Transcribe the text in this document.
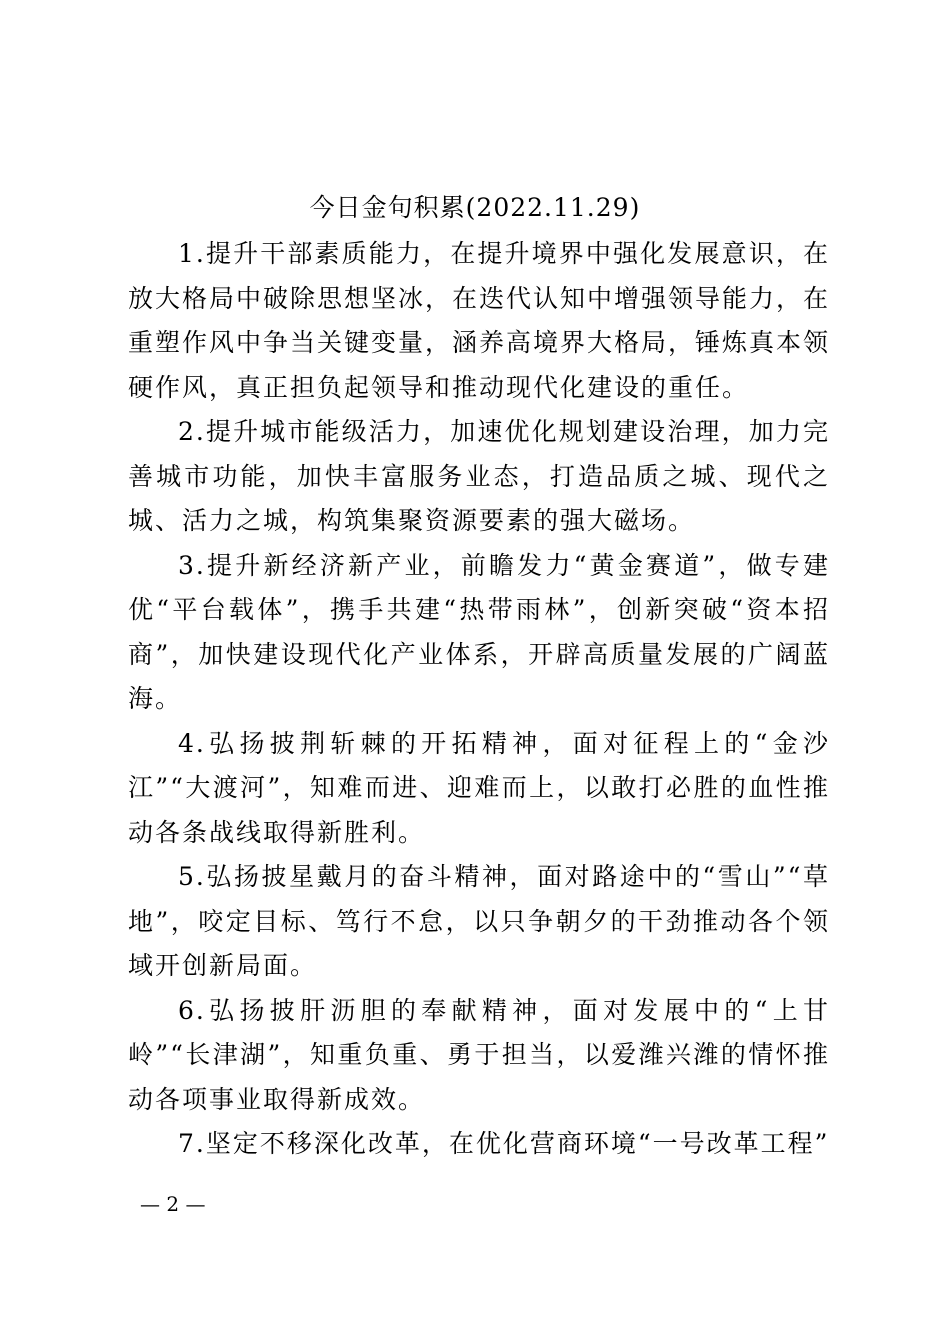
今日金句积累(2022.11.29)

1.提升干部素质能力，在提升境界中强化发展意识，在放大格局中破除思想坚冰，在迭代认知中增强领导能力，在重塑作风中争当关键变量，涵养高境界大格局，锤炼真本领硬作风，真正担负起领导和推动现代化建设的重任。

2.提升城市能级活力，加速优化规划建设治理，加力完善城市功能，加快丰富服务业态，打造品质之城、现代之城、活力之城，构筑集聚资源要素的强大磁场。

3.提升新经济新产业，前瞻发力“黄金赛道”，做专建优“平台载体”，携手共建“热带雨林”，创新突破“资本招商”，加快建设现代化产业体系，开辟高质量发展的广阔蓝海。

4.弘扬披荆斩棘的开拓精神，面对征程上的“金沙江”“大渡河”，知难而进、迎难而上，以敢打必胜的血性推动各条战线取得新胜利。

5.弘扬披星戴月的奋斗精神，面对路途中的“雪山”“草地”，咬定目标、笃行不怠，以只争朝夕的干劲推动各个领域开创新局面。

6.弘扬披肝沥胆的奉献精神，面对发展中的“上甘岭”“长津湖”，知重负重、勇于担当，以爱潍兴潍的情怀推动各项事业取得新成效。

7.坚定不移深化改革，在优化营商环境“一号改革工程”

— 2 —
